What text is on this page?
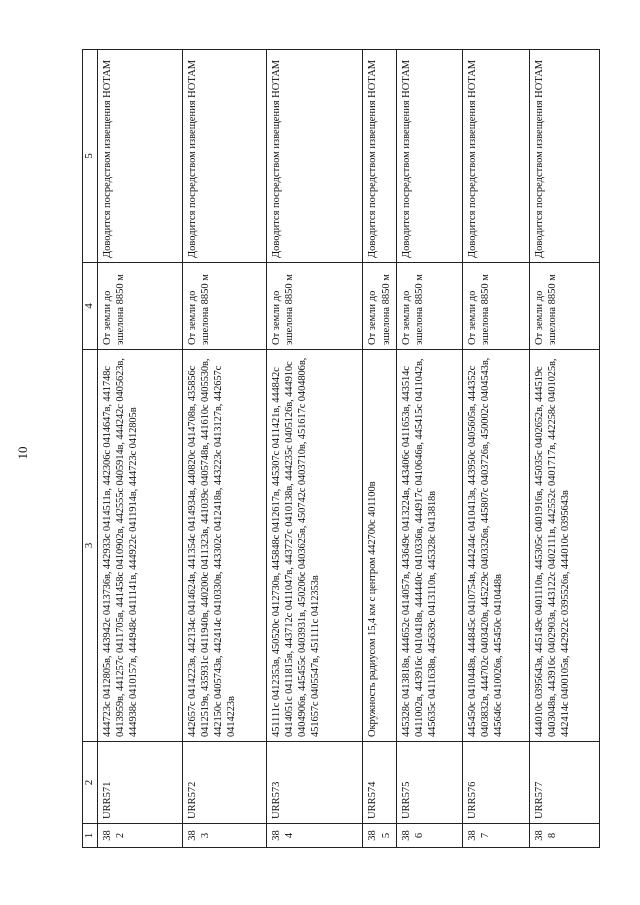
10
1	2	3	4	5
382	URR571	444723c 0412805в, 443942c 0413736в, 442933c 0414511в, 442306c 0414647в, 441748c 0413959в, 441257c 0411705в, 441458c 0410902в, 442555c 0405914в, 444242c 0405623в, 444938c 0410157в, 444948c 0411141в, 444922c 0411914в, 444723c 0412805в	От земли до эшелона 8850 м	Доводится посредством извещения НОТАМ
383	URR572	442657c 0414223в, 442134c 0414624в, 441354c 0414934в, 440820c 0414708в, 435856c 0412519в, 435931c 0411940в, 440200c 0411323в, 441039c 0405748в, 441610c 0405530в, 442150c 0405743в, 442414c 0410330в, 443302c 0412418в, 443223c 0413127в, 442657c 0414223в	От земли до эшелона 8850 м	Доводится посредством извещения НОТАМ
384	URR573	451111c 0412353в, 450520c 0412730в, 445848c 0412617в, 445307c 0411421в, 444842c 0414051c 0411815в, 443712c 0411047в, 443727c 0410138в, 444235c 0405126в, 444910c 0404906в, 445455c 0403931в, 450206c 0403625в, 450742c 0403710в, 451617c 0404806в, 451657c 0405547в, 451111c 0412353в	От земли до эшелона 8850 м	Доводится посредством извещения НОТАМ
385	URR574	Окружность радиусом 15,4 км с центром 442700с 401100в	От земли до эшелона 8850 м	Доводится посредством извещения НОТАМ
386	URR575	445328c 0413818в, 444652c 0414057в, 443649c 0413224в, 443406c 0411653в, 443514c 0411002в, 443916c 0410418в, 444440c 0410336в, 444917c 0410646в, 445415c 0411042в, 445635c 0411638в, 445639c 0413110в, 445328c 0413818в	От земли до эшелона 8850 м	Доводится посредством извещения НОТАМ
387	URR576	445450c 0410448в, 444845c 0410754в, 444244c 0410413в, 443950c 0405605в, 444352c 0403832в, 444702c 0403420в, 445229c 0403326в, 445807c 0403726в, 450002c 0404543в, 445646c 0410026в, 445450c 0410448в	От земли до эшелона 8850 м	Доводится посредством извещения НОТАМ
388	URR577	444010c 0395643в, 445149c 0401110в, 445305c 0401916в, 445035c 0402652в, 444519c 0403048в, 443916c 0402903в, 443122c 0402111в, 442552c 0401717в, 442258c 0401025в, 442414c 0400105в, 442922c 0395526в, 444010c 0395643в	От земли до эшелона 8850 м	Доводится посредством извещения НОТАМ
